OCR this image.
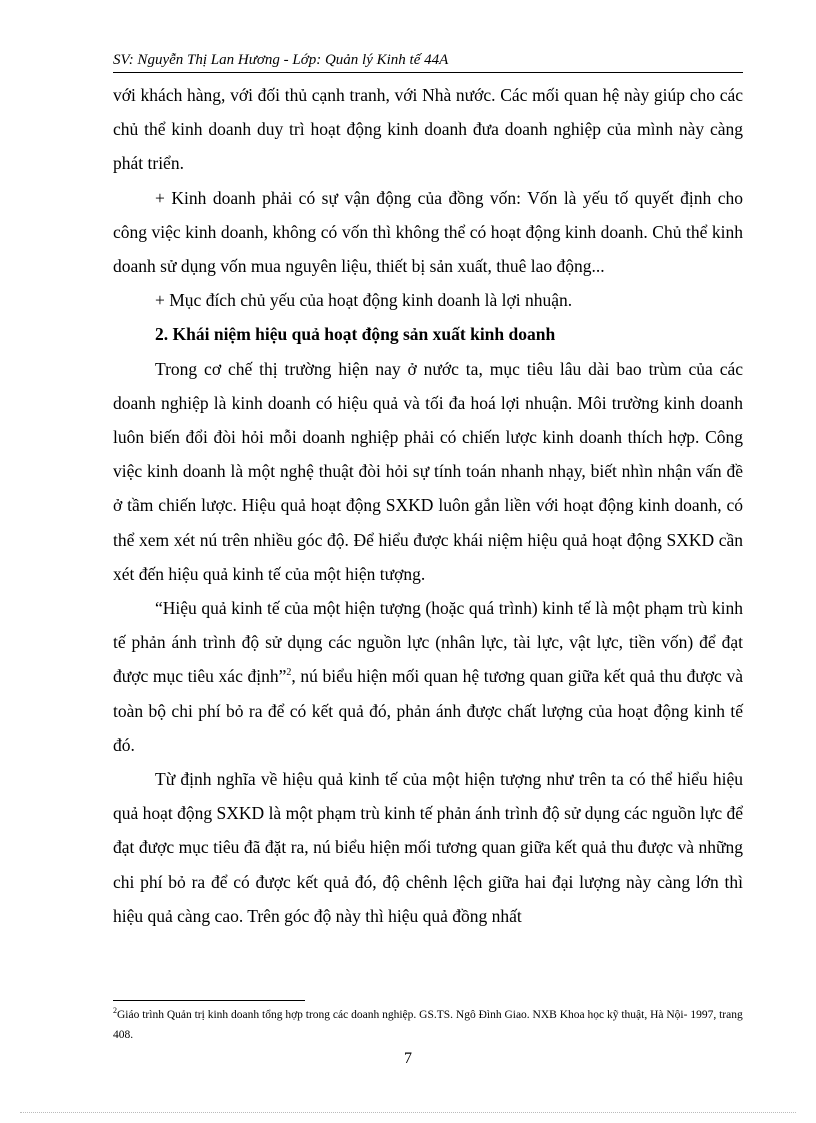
SV: Nguyễn Thị Lan Hương - Lớp: Quản lý Kinh tế 44A

với khách hàng, với đối thủ cạnh tranh, với Nhà nước. Các mối quan hệ này giúp cho các chủ thể kinh doanh duy trì hoạt động kinh doanh đưa doanh nghiệp của mình này càng phát triển.

+ Kinh doanh phải có sự vận động của đồng vốn: Vốn là yếu tố quyết định cho công việc kinh doanh, không có vốn thì không thể có hoạt động kinh doanh. Chủ thể kinh doanh sử dụng vốn mua nguyên liệu, thiết bị sản xuất, thuê lao động...

+ Mục đích chủ yếu của hoạt động kinh doanh là lợi nhuận.

2. Khái niệm hiệu quả hoạt động sản xuất kinh doanh

Trong cơ chế thị trường hiện nay ở nước ta, mục tiêu lâu dài bao trùm của các doanh nghiệp là kinh doanh có hiệu quả và tối đa hoá lợi nhuận. Môi trường kinh doanh luôn biến đổi đòi hỏi mỗi doanh nghiệp phải có chiến lược kinh doanh thích hợp. Công việc kinh doanh là một nghệ thuật đòi hỏi sự tính toán nhanh nhạy, biết nhìn nhận vấn đề ở tầm chiến lược. Hiệu quả hoạt động SXKD luôn gắn liền với hoạt động kinh doanh, có thể xem xét nú trên nhiều góc độ. Để hiểu được khái niệm hiệu quả hoạt động SXKD cần xét đến hiệu quả kinh tế của một hiện tượng.

“Hiệu quả kinh tế của một hiện tượng (hoặc quá trình) kinh tế là một phạm trù kinh tế phản ánh trình độ sử dụng các nguồn lực (nhân lực, tài lực, vật lực, tiền vốn) để đạt được mục tiêu xác định”$^2$, nú biểu hiện mối quan hệ tương quan giữa kết quả thu được và toàn bộ chi phí bỏ ra để có kết quả đó, phản ánh được chất lượng của hoạt động kinh tế đó.

Từ định nghĩa về hiệu quả kinh tế của một hiện tượng như trên ta có thể hiểu hiệu quả hoạt động SXKD là một phạm trù kinh tế phản ánh trình độ sử dụng các nguồn lực để đạt được mục tiêu đã đặt ra, nú biểu hiện mối tương quan giữa kết quả thu được và những chi phí bỏ ra để có được kết quả đó, độ chênh lệch giữa hai đại lượng này càng lớn thì hiệu quả càng cao. Trên góc độ này thì hiệu quả đồng nhất

$^2$Giáo trình Quản trị kinh doanh tổng hợp trong các doanh nghiệp. GS.TS. Ngô Đình Giao. NXB Khoa học kỹ thuật, Hà Nội- 1997, trang 408.
7
